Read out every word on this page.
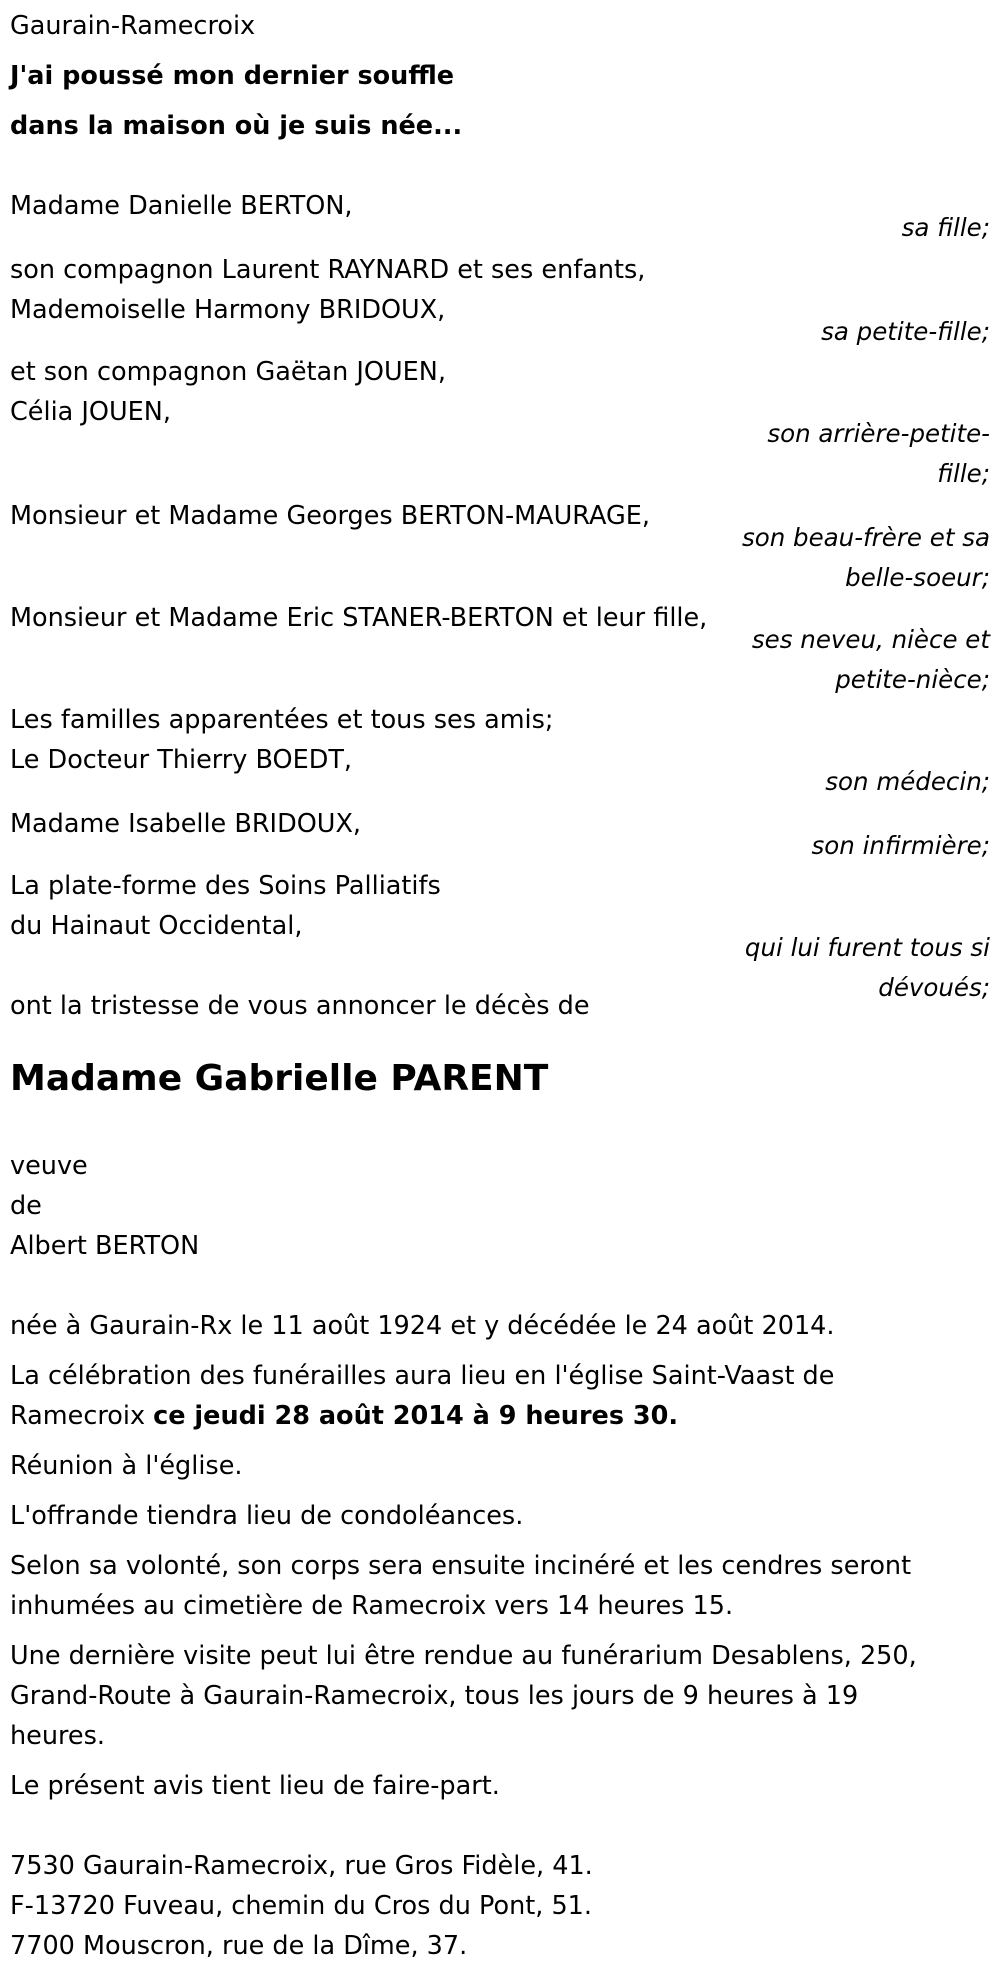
Gaurain-Ramecroix
J'ai poussé mon dernier souffle
dans la maison où je suis née...
Madame Danielle BERTON,
sa fille;
son compagnon Laurent RAYNARD et ses enfants,
Mademoiselle Harmony BRIDOUX,
sa petite-fille;
et son compagnon Gaëtan JOUEN,
Célia JOUEN,
son arrière-petite-
fille;
Monsieur et Madame Georges BERTON-MAURAGE,
son beau-frère et sa
belle-soeur;
Monsieur et Madame Eric STANER-BERTON et leur fille,
ses neveu, nièce et
petite-nièce;
Les familles apparentées et tous ses amis;
Le Docteur Thierry BOEDT,
son médecin;
Madame Isabelle BRIDOUX,
son infirmière;
La plate-forme des Soins Palliatifs
du Hainaut Occidental,
qui lui furent tous si
dévoués;
ont la tristesse de vous annoncer le décès de
Madame Gabrielle PARENT
veuve
de
Albert BERTON
née à Gaurain-Rx le 11 août 1924 et y décédée le 24 août 2014.
La célébration des funérailles aura lieu en l'église Saint-Vaast de
Ramecroix ce jeudi 28 août 2014 à 9 heures 30.
Réunion à l'église.
L'offrande tiendra lieu de condoléances.
Selon sa volonté, son corps sera ensuite incinéré et les cendres seront
inhumées au cimetière de Ramecroix vers 14 heures 15.
Une dernière visite peut lui être rendue au funérarium Desablens, 250,
Grand-Route à Gaurain-Ramecroix, tous les jours de 9 heures à 19
heures.
Le présent avis tient lieu de faire-part.
7530 Gaurain-Ramecroix, rue Gros Fidèle, 41.
F-13720 Fuveau, chemin du Cros du Pont, 51.
7700 Mouscron, rue de la Dîme, 37.
